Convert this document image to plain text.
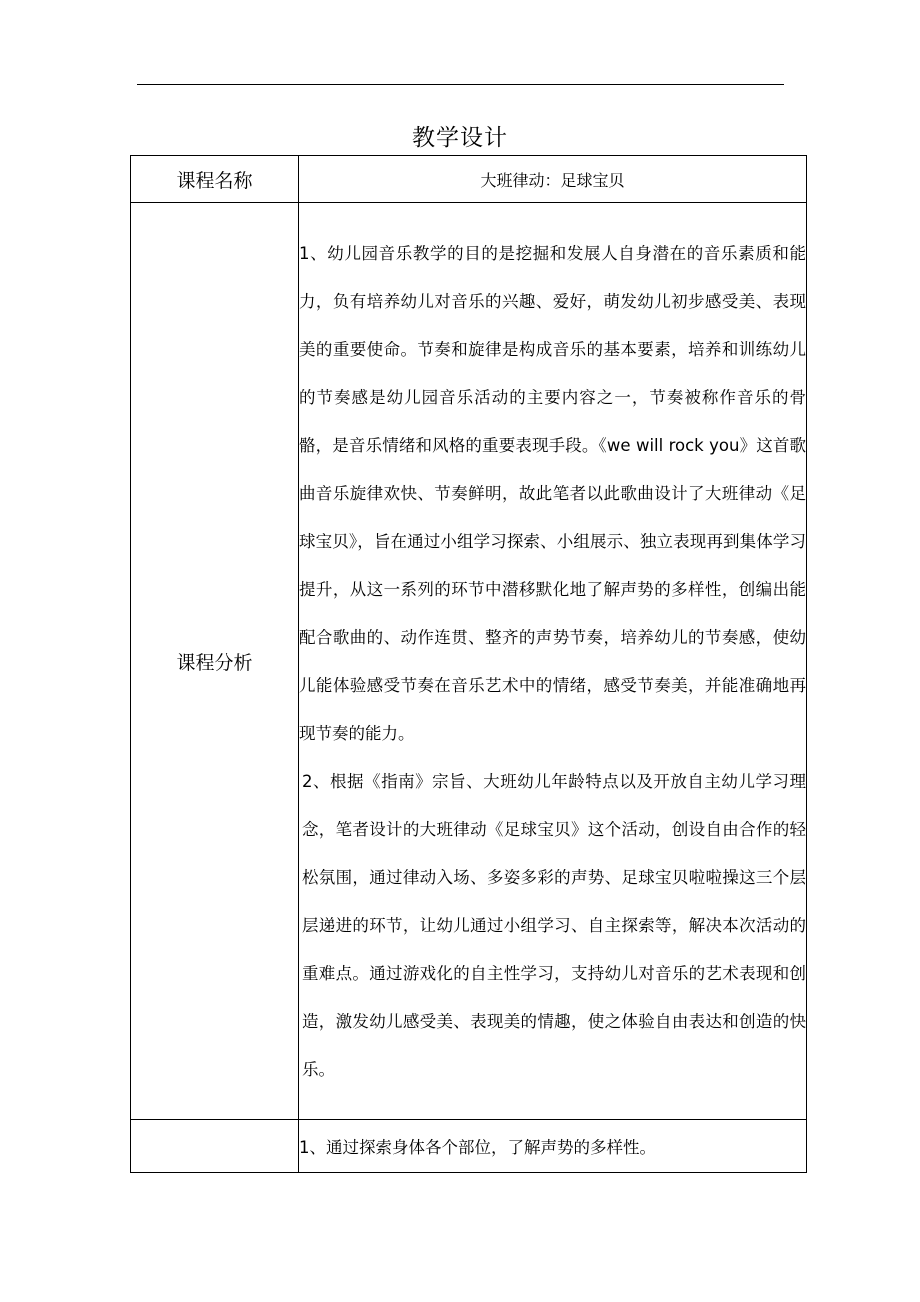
教学设计
课程名称	大班律动：足球宝贝
课程分析	1、幼儿园音乐教学的目的是挖掘和发展人自身潜在的音乐素质和能力，负有培养幼儿对音乐的兴趣、爱好，萌发幼儿初步感受美、表现美的重要使命。节奏和旋律是构成音乐的基本要素，培养和训练幼儿的节奏感是幼儿园音乐活动的主要内容之一，节奏被称作音乐的骨骼，是音乐情绪和风格的重要表现手段。《we will rock you》这首歌曲音乐旋律欢快、节奏鲜明，故此笔者以此歌曲设计了大班律动《足球宝贝》，旨在通过小组学习探索、小组展示、独立表现再到集体学习提升，从这一系列的环节中潜移默化地了解声势的多样性，创编出能配合歌曲的、动作连贯、整齐的声势节奏，培养幼儿的节奏感，使幼儿能体验感受节奏在音乐艺术中的情绪，感受节奏美，并能准确地再现节奏的能力。

2、根据《指南》宗旨、大班幼儿年龄特点以及开放自主幼儿学习理念，笔者设计的大班律动《足球宝贝》这个活动，创设自由合作的轻松氛围，通过律动入场、多姿多彩的声势、足球宝贝啦啦操这三个层层递进的环节，让幼儿通过小组学习、自主探索等，解决本次活动的重难点。通过游戏化的自主性学习，支持幼儿对音乐的艺术表现和创造，激发幼儿感受美、表现美的情趣，使之体验自由表达和创造的快乐。

	1、通过探索身体各个部位，了解声势的多样性。
